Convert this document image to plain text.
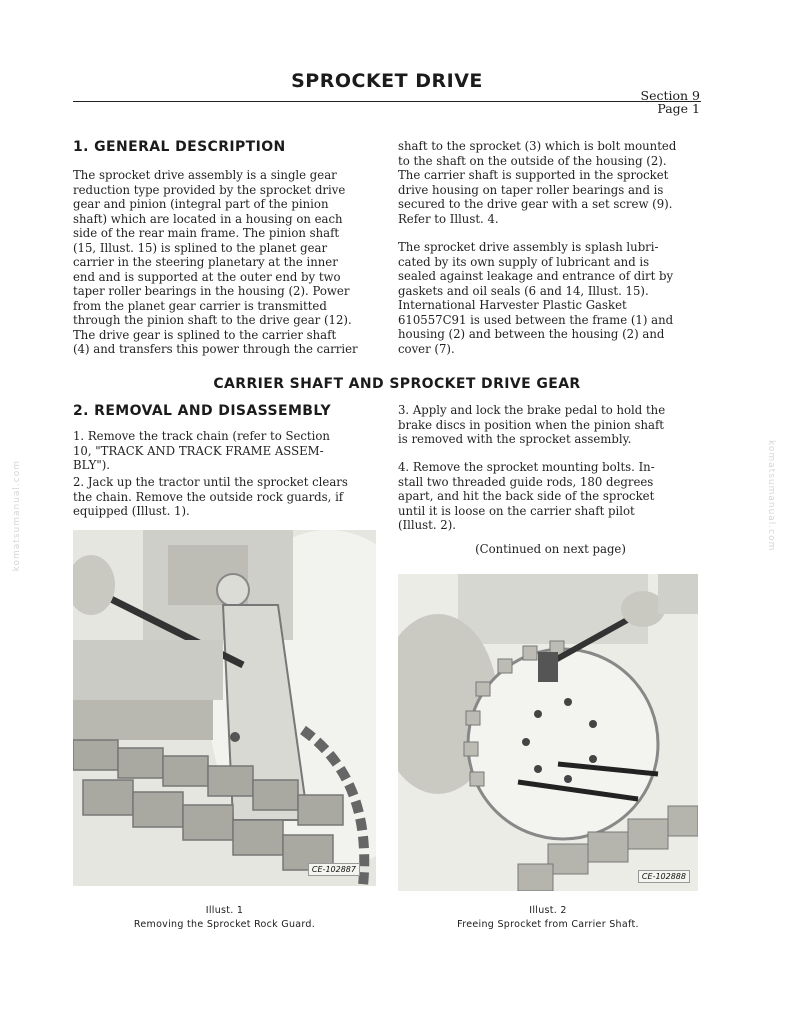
SPROCKET DRIVE
Section 9
Page 1
1. GENERAL DESCRIPTION
The sprocket drive assembly is a single gear
reduction type provided by the sprocket drive
gear and pinion (integral part of the pinion
shaft) which are located in a housing on each
side of the rear main frame. The pinion shaft
(15, Illust. 15) is splined to the planet gear
carrier in the steering planetary at the inner
end and is supported at the outer end by two
taper roller bearings in the housing (2). Power
from the planet gear carrier is transmitted
through the pinion shaft to the drive gear (12).
The drive gear is splined to the carrier shaft
(4) and transfers this power through the carrier
shaft to the sprocket (3) which is bolt mounted
to the shaft on the outside of the housing (2).
The carrier shaft is supported in the sprocket
drive housing on taper roller bearings and is
secured to the drive gear with a set screw (9).
Refer to Illust. 4.
The sprocket drive assembly is splash lubri-
cated by its own supply of lubricant and is
sealed against leakage and entrance of dirt by
gaskets and oil seals (6 and 14, Illust. 15).
International Harvester Plastic Gasket
610557C91 is used between the frame (1) and
housing (2) and between the housing (2) and
cover (7).
CARRIER SHAFT AND SPROCKET DRIVE GEAR
2. REMOVAL AND DISASSEMBLY
1. Remove the track chain (refer to Section
10, "TRACK AND TRACK FRAME ASSEM-
BLY").
2. Jack up the tractor until the sprocket clears
the chain. Remove the outside rock guards, if
equipped (Illust. 1).
3. Apply and lock the brake pedal to hold the
brake discs in position when the pinion shaft
is removed with the sprocket assembly.
4. Remove the sprocket mounting bolts. In-
stall two threaded guide rods, 180 degrees
apart, and hit the back side of the sprocket
until it is loose on the carrier shaft pilot
(Illust. 2).
(Continued on next page)
CE-102887
CE-102888
Illust. 1
Removing the Sprocket Rock Guard.
Illust. 2
Freeing Sprocket from Carrier Shaft.
komatsumanual.com	komatsumanual.com
